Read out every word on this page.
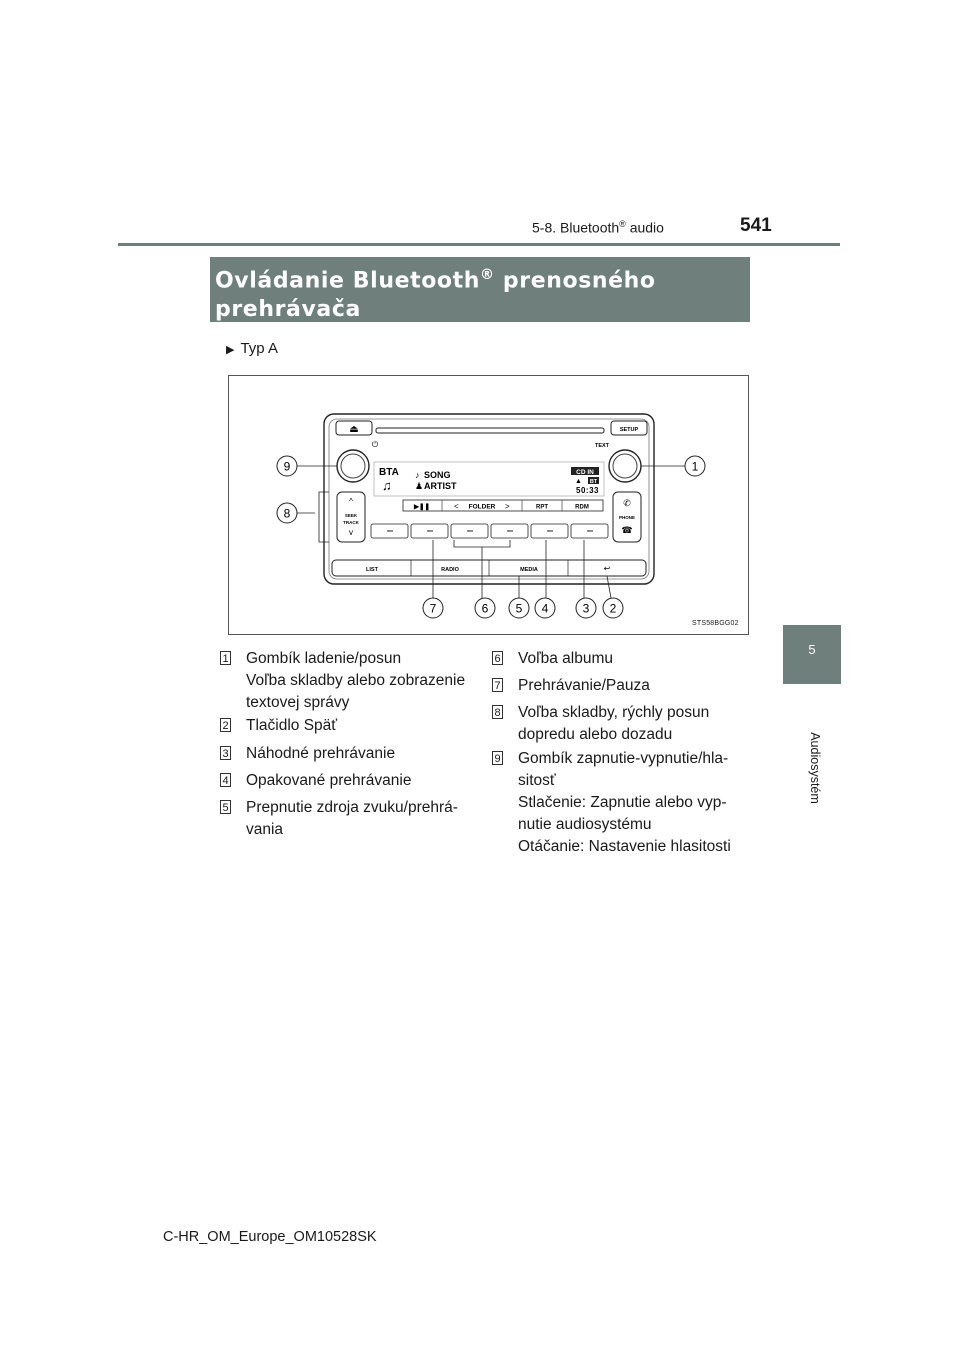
5-8. Bluetooth® audio	541
5
Audiosystém
Ovládanie Bluetooth® prenosného
prehrávača
▶ Typ A
⏏	SETUP
TEXT
⏻
BTA
♫
♪ SONG
♟ ARTIST
CD IN
BT
▲
50:33
▶❚❚	< FOLDER >	RPT	RDM
^
SEEK
TRACK
v
✆
PHONE
☎
LIST	RADIO	MEDIA	↩
9	1
8
7	6 5 4	3 2
STS58BGG02
1 Gombík ladenie/posun
Voľba skladby alebo zobrazenie
textovej správy
2 Tlačidlo Späť
3 Náhodné prehrávanie
4 Opakované prehrávanie
5 Prepnutie zdroja zvuku/prehrá-
vania
6 Voľba albumu
7 Prehrávanie/Pauza
8 Voľba skladby, rýchly posun
dopredu alebo dozadu
9 Gombík zapnutie-vypnutie/hla-
sitosť
Stlačenie: Zapnutie alebo vyp-
nutie audiosystému
Otáčanie: Nastavenie hlasitosti
C-HR_OM_Europe_OM10528SK
